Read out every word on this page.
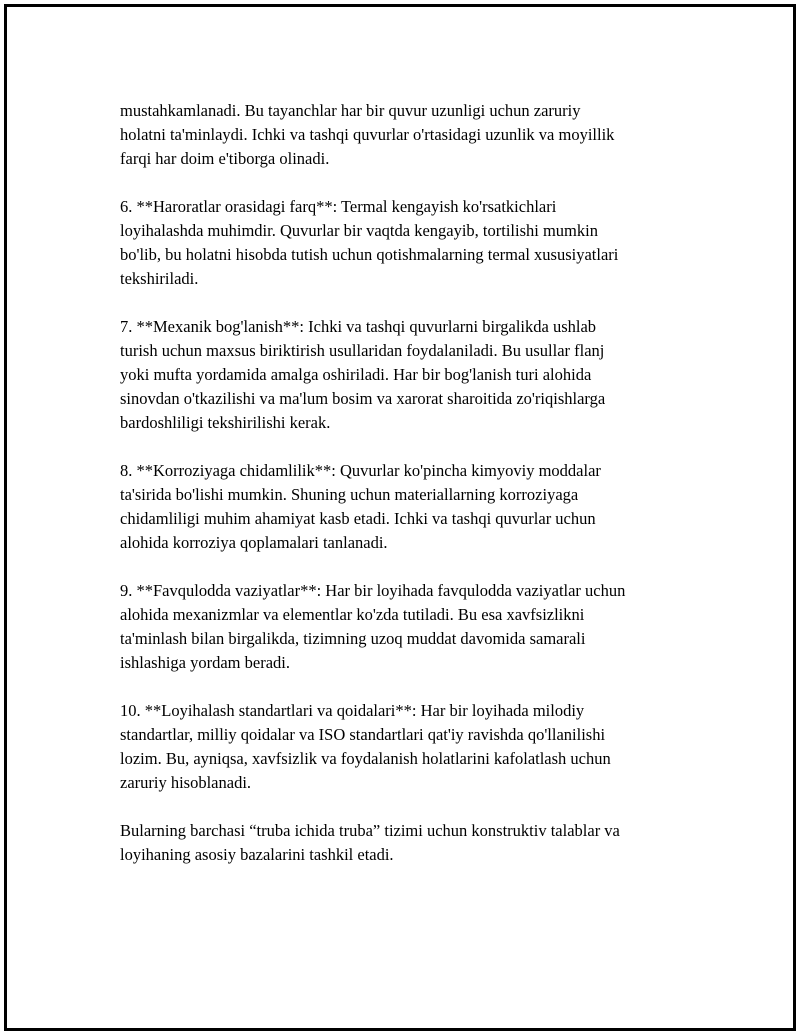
mustahkamlanadi. Bu tayanchlar har bir quvur uzunligi uchun zaruriy
holatni ta'minlaydi. Ichki va tashqi quvurlar o'rtasidagi uzunlik va moyillik
farqi har doim e'tiborga olinadi.

6. **Haroratlar orasidagi farq**: Termal kengayish ko'rsatkichlari
loyihalashda muhimdir. Quvurlar bir vaqtda kengayib, tortilishi mumkin
bo'lib, bu holatni hisobda tutish uchun qotishmalarning termal xususiyatlari
tekshiriladi.

7. **Mexanik bog'lanish**: Ichki va tashqi quvurlarni birgalikda ushlab
turish uchun maxsus biriktirish usullaridan foydalaniladi. Bu usullar flanj
yoki mufta yordamida amalga oshiriladi. Har bir bog'lanish turi alohida
sinovdan o'tkazilishi va ma'lum bosim va xarorat sharoitida zo'riqishlarga
bardoshliligi tekshirilishi kerak.

8. **Korroziyaga chidamlilik**: Quvurlar ko'pincha kimyoviy moddalar
ta'sirida bo'lishi mumkin. Shuning uchun materiallarning korroziyaga
chidamliligi muhim ahamiyat kasb etadi. Ichki va tashqi quvurlar uchun
alohida korroziya qoplamalari tanlanadi.

9. **Favqulodda vaziyatlar**: Har bir loyihada favqulodda vaziyatlar uchun
alohida mexanizmlar va elementlar ko'zda tutiladi. Bu esa xavfsizlikni
ta'minlash bilan birgalikda, tizimning uzoq muddat davomida samarali
ishlashiga yordam beradi.

10. **Loyihalash standartlari va qoidalari**: Har bir loyihada milodiy
standartlar, milliy qoidalar va ISO standartlari qat'iy ravishda qo'llanilishi
lozim. Bu, ayniqsa, xavfsizlik va foydalanish holatlarini kafolatlash uchun
zaruriy hisoblanadi.

Bularning barchasi “truba ichida truba” tizimi uchun konstruktiv talablar va
loyihaning asosiy bazalarini tashkil etadi.
